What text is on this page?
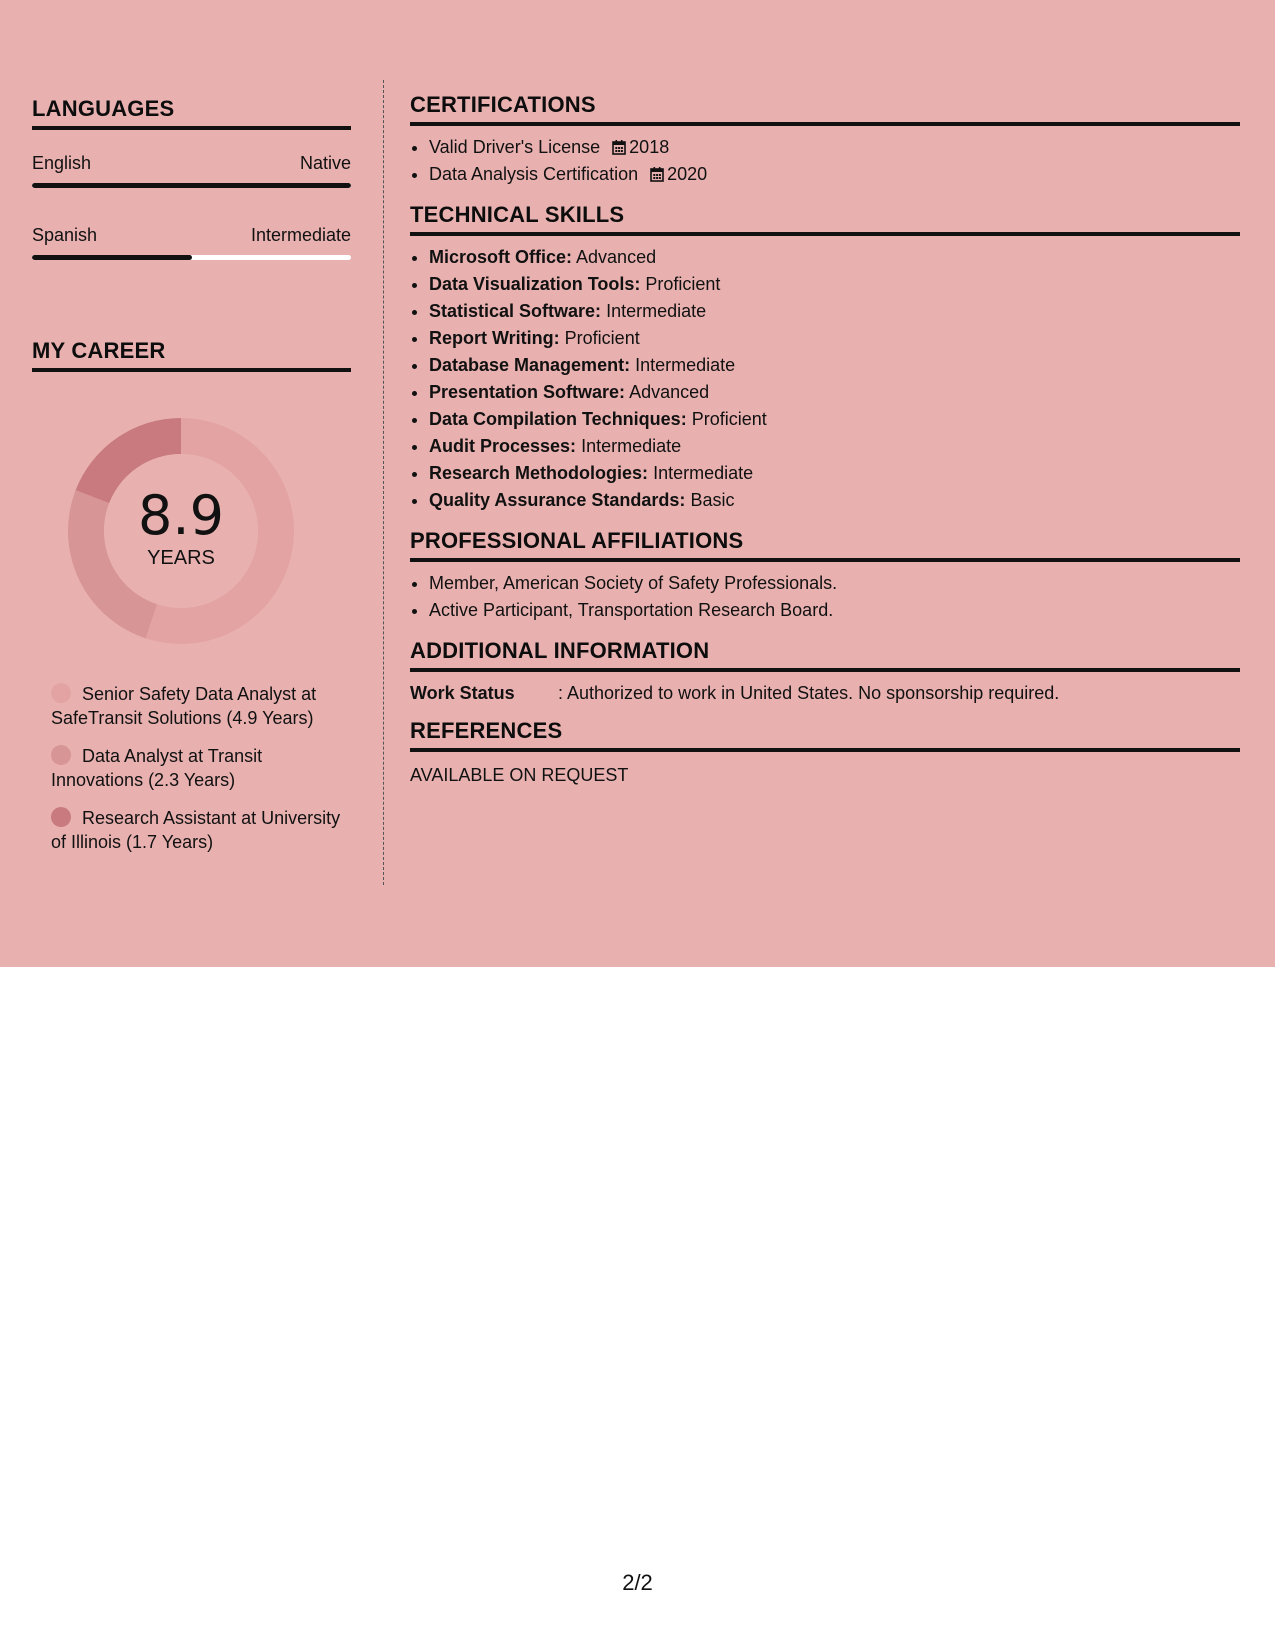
LANGUAGES
English	Native
Spanish	Intermediate
MY CAREER
8.9
YEARS
Senior Safety Data Analyst at SafeTransit Solutions (4.9 Years)
Data Analyst at Transit Innovations (2.3 Years)
Research Assistant at University of Illinois (1.7 Years)
CERTIFICATIONS
• Valid Driver's License 2018
• Data Analysis Certification 2020
TECHNICAL SKILLS
• Microsoft Office: Advanced
• Data Visualization Tools: Proficient
• Statistical Software: Intermediate
• Report Writing: Proficient
• Database Management: Intermediate
• Presentation Software: Advanced
• Data Compilation Techniques: Proficient
• Audit Processes: Intermediate
• Research Methodologies: Intermediate
• Quality Assurance Standards: Basic
PROFESSIONAL AFFILIATIONS
• Member, American Society of Safety Professionals.
• Active Participant, Transportation Research Board.
ADDITIONAL INFORMATION
Work Status	: Authorized to work in United States. No sponsorship required.
REFERENCES
AVAILABLE ON REQUEST
2/2
